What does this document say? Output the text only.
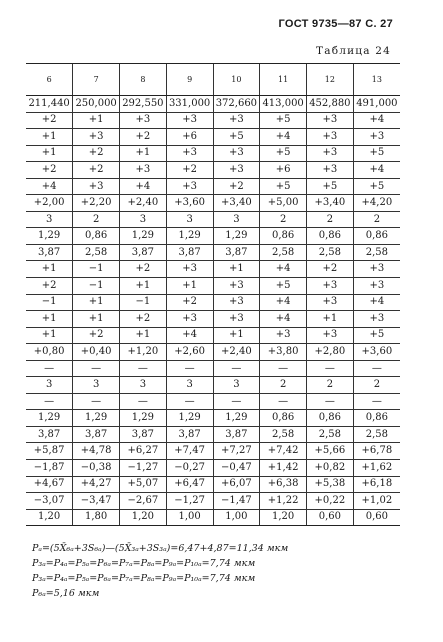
ГОСТ 9735—87 С. 27
Таблица 24
6	7	8	9	10	11	12	13
211,440	250,000	292,550	331,000	372,660	413,000	452,880	491,000
+2	+1	+3	+3	+3	+5	+3	+4
+1	+3	+2	+6	+5	+4	+3	+3
+1	+2	+1	+3	+3	+5	+3	+5
+2	+2	+3	+2	+3	+6	+3	+4
+4	+3	+4	+3	+2	+5	+5	+5
+2,00	+2,20	+2,40	+3,60	+3,40	+5,00	+3,40	+4,20
3	2	3	3	3	2	2	2
1,29	0,86	1,29	1,29	1,29	0,86	0,86	0,86
3,87	2,58	3,87	3,87	3,87	2,58	2,58	2,58
+1	−1	+2	+3	+1	+4	+2	+3
+2	−1	+1	+1	+3	+5	+3	+3
−1	+1	−1	+2	+3	+4	+3	+4
+1	+1	+2	+3	+3	+4	+1	+3
+1	+2	+1	+4	+1	+3	+3	+5
+0,80	+0,40	+1,20	+2,60	+2,40	+3,80	+2,80	+3,60
—	—	—	—	—	—	—	—
3	3	3	3	3	2	2	2
—	—	—	—	—	—	—	—
1,29	1,29	1,29	1,29	1,29	0,86	0,86	0,86
3,87	3,87	3,87	3,87	3,87	2,58	2,58	2,58
+5,87	+4,78	+6,27	+7,47	+7,27	+7,42	+5,66	+6,78
−1,87	−0,38	−1,27	−0,27	−0,47	+1,42	+0,82	+1,62
+4,67	+4,27	+5,07	+6,47	+6,07	+6,38	+5,38	+6,18
−3,07	−3,47	−2,67	−1,27	−1,47	+1,22	+0,22	+1,02
1,20	1,80	1,20	1,00	1,00	1,20	0,60	0,60
Pₐ=(5X̄₆ₐ+3S₆ₐ)—(5X̄₃ₐ+3S₃ₐ)=6,47+4,87=11,34 мкм
P₃ₐ=P₄ₐ=P₅ₐ=P₆ₐ=P₇ₐ=P₈ₐ=P₉ₐ=P₁₀ₐ=7,74 мкм
P₃ₐ=P₄ₐ=P₅ₐ=P₆ₐ=P₇ₐ=P₈ₐ=P₉ₐ=P₁₀ₐ=7,74 мкм
P₆ₐ=5,16 мкм
